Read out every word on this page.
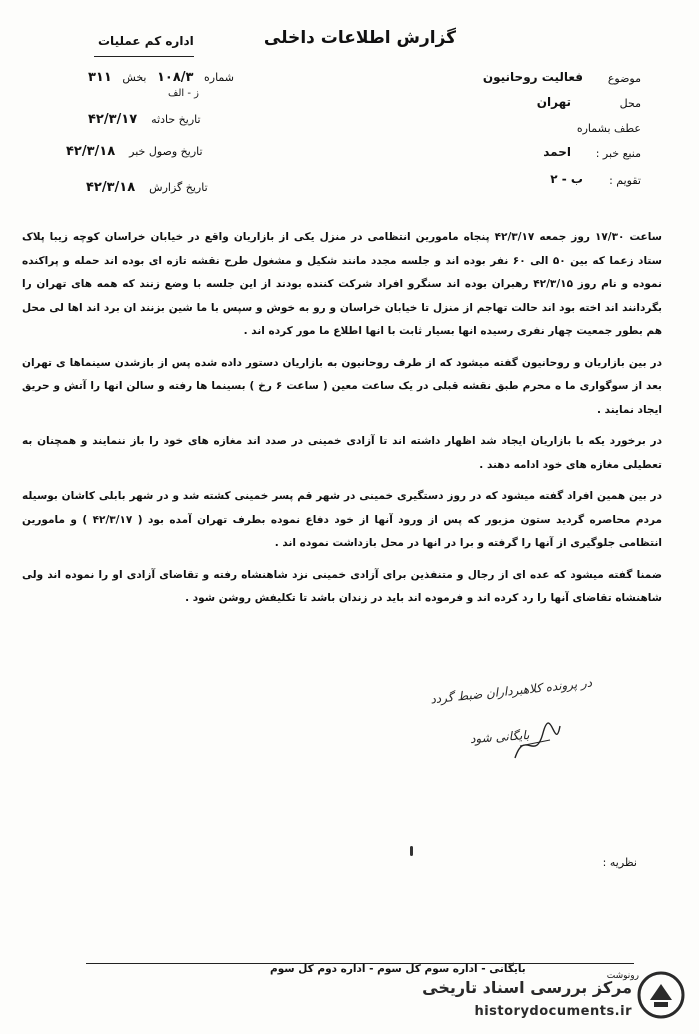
گزارش اطلاعات داخلی
اداره کم عملیات
موضوع
فعالیت روحانیون
محل
تهران
عطف بشماره
منبع خبر :
احمد
تقویم :
ب - ۲
شماره   ۱۰۸/۳   بخش   ۳۱۱
ز - الف
تاریخ حادثه    ۴۲/۳/۱۷
تاریخ وصول خبر    ۴۲/۳/۱۸
تاریخ گزارش    ۴۲/۳/۱۸

ساعت ۱۷/۳۰ روز جمعه ۴۲/۳/۱۷ پنجاه مامورین انتظامی در منزل یکی از بازاریان واقع در خیابان خراسان کوچه زیبا پلاک ستاد زعما که بین ۵۰ الی ۶۰ نفر بوده اند و جلسه مجدد مانند شکیل و مشغول طرح نقشه تازه ای بوده اند حمله و پراکنده نموده و نام روز ۴۲/۳/۱۵ رهبران بوده اند سنگرو افراد شرکت کننده بودند از این جلسه با وضع زنند که همه های تهران را بگردانند اند اخته بود اند حالت تهاجم از منزل تا خیابان خراسان و رو به خوش و سپس با ما شین بزنند ان برد اند اها لی محل هم بطور جمعیت چهار نفری رسیده انها بسیار ثابت با انها اطلاع ما مور کرده اند .

در بین بازاریان و روحانیون گفته میشود که از طرف روحانیون به بازاریان دستور داده شده پس از بازشدن سینماها ی تهران بعد از سوگواری ما ه محرم طبق نقشه قبلی در یک ساعت معین ( ساعت ۶ رخ ) بسینما ها رفته و سالن انها را آتش و حریق ایجاد نمایند .

در برخورد یکه با بازاریان ایجاد شد اظهار داشته اند تا آزادی خمینی در صدد اند مغازه های خود را باز ننمایند و همچنان به تعطیلی مغازه های خود ادامه دهند .

در بین همین افراد گفته میشود که در روز دستگیری خمینی در شهر قم پسر خمینی کشته شد و در شهر بابلی کاشان بوسیله مردم محاصره گردید ستون مزبور که پس از ورود آنها از خود دفاع نموده بطرف تهران آمده بود ( ۴۲/۳/۱۷ ) و مامورین انتظامی جلوگیری از آنها را گرفته و برا در انها در محل بازداشت نموده اند .

ضمنا گفته میشود که عده ای از رجال و متنفذین برای آزادی خمینی نزد شاهنشاه رفته و تقاضای آزادی او را نموده اند ولی شاهنشاه تقاضای آنها را رد کرده اند و فرموده اند باید در زندان باشد تا تکلیفش روشن شود .

در پرونده کلاهبرداران ضبط گردد
بایگانی شود
نظریه :
بایگانی - اداره سوم کل سوم - اداره دوم کل سوم
رونوشت
مرکز بررسی اسناد تاریخی
historydocuments.ir
